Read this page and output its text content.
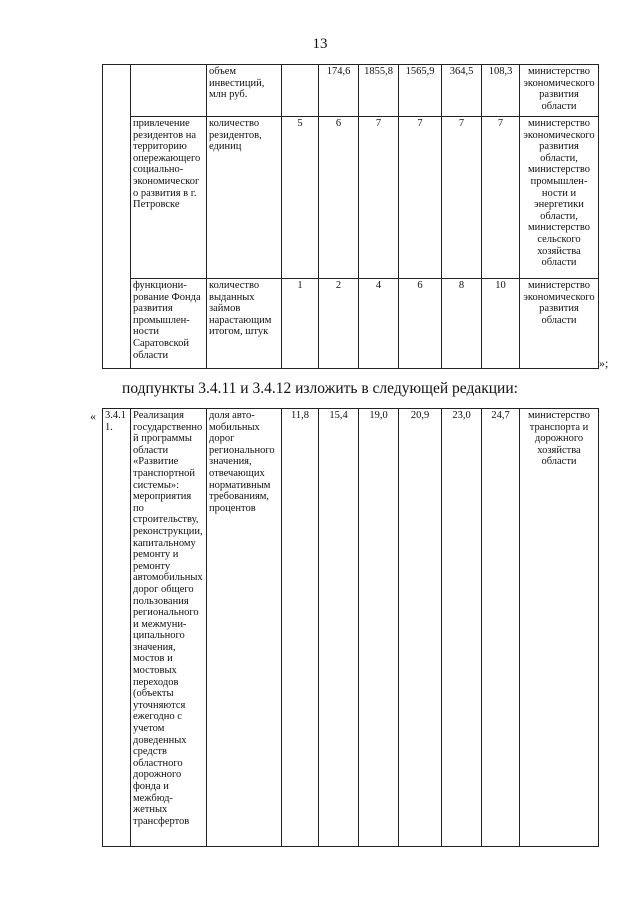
13
		объем инвестиций, млн руб.		174,6	1855,8	1565,9	364,5	108,3	министерство экономического развития области
	привлечение резидентов на территорию опережающего социально-экономического развития в г. Петровске	количество резидентов, единиц	5	6	7	7	7	7	министерство экономического развития области, министерство промышлен-ности и энергетики области, министерство сельского хозяйства области
	функциони-рование Фонда развития промышлен-ности Саратовской области	количество выданных займов нарастающим итогом, штук	1	2	4	6	8	10	министерство экономического развития области
»;
подпункты 3.4.11 и 3.4.12 изложить в следующей редакции:
« 3.4.11.	Реализация государственной программы области «Развитие транспортной системы»: мероприятия по строительству, реконструкции, капитальному ремонту и ремонту автомобильных дорог общего пользования регионального и межмуни-ципального значения, мостов и мостовых переходов (объекты уточняются ежегодно с учетом доведенных средств областного дорожного фонда и межбюд-жетных трансфертов	доля авто-мобильных дорог регионального значения, отвечающих нормативным требованиям, процентов	11,8	15,4	19,0	20,9	23,0	24,7	министерство транспорта и дорожного хозяйства области
